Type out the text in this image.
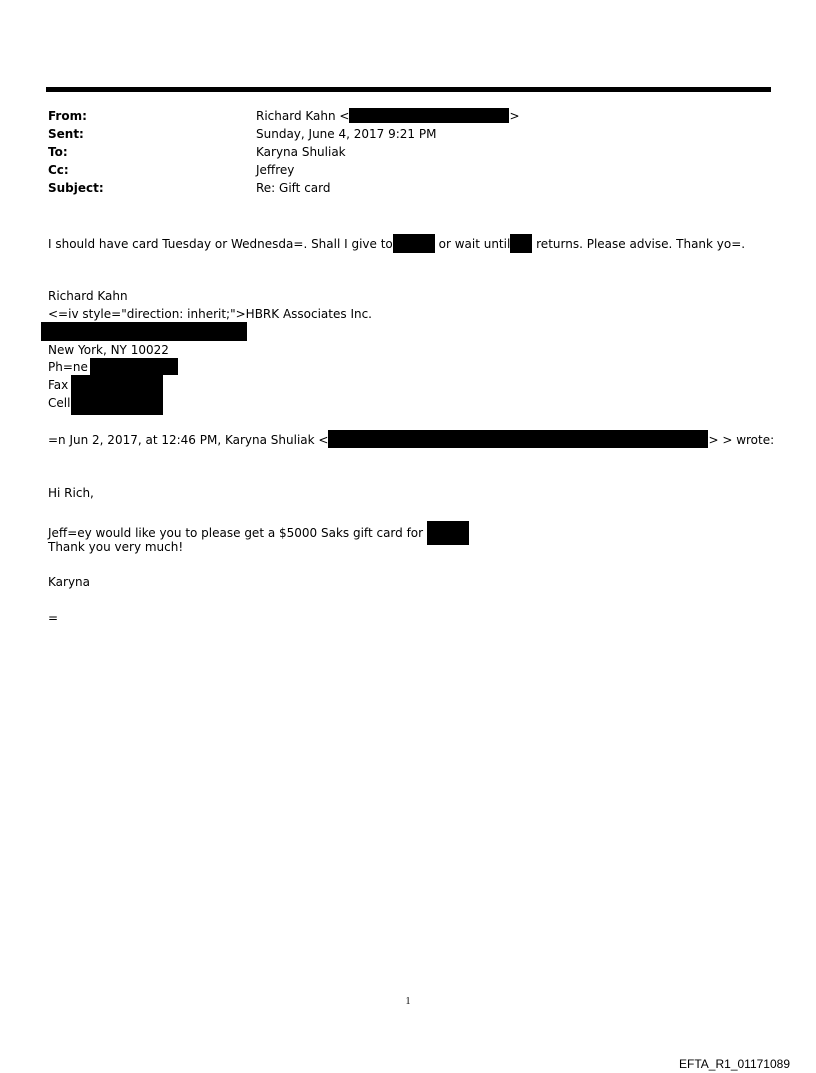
From:	Richard Kahn <	>
Sent:	Sunday, June 4, 2017 9:21 PM
To:	Karyna Shuliak
Cc:	Jeffrey
Subject:	Re: Gift card
I should have card Tuesday or Wednesda=. Shall I give to	or wait until returns. Please advise. Thank yo=.
Richard Kahn
<=iv style="direction: inherit;">HBRK Associates Inc.
New York, NY 10022
Ph=ne
Fax
Cell
=n Jun 2, 2017, at 12:46 PM, Karyna Shuliak <	> > wrote:
Hi Rich,
Jeff=ey would like you to please get a $5000 Saks gift card for
Thank you very much!
Karyna
=
1
EFTA_R1_01171089
